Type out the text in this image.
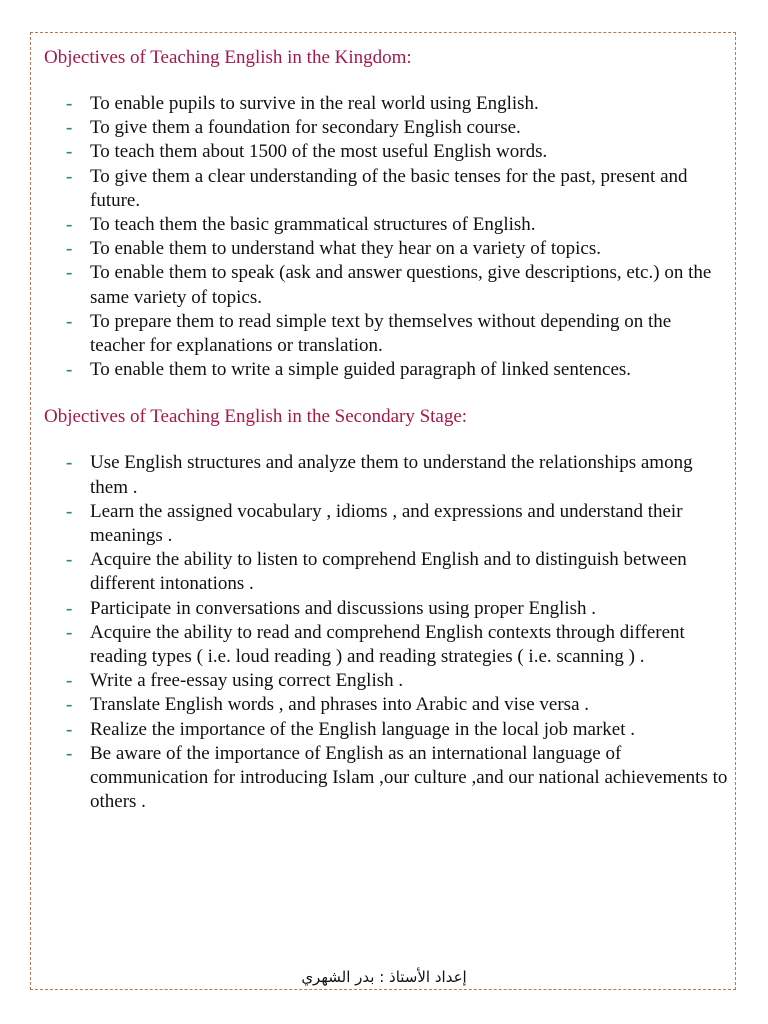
Objectives of Teaching English in the Kingdom:
- To enable pupils to survive in the real world using English.
- To give them a foundation for secondary English course.
- To teach them about 1500 of the most useful English words.
- To give them a clear understanding of the basic tenses for the past, present and future.
- To teach them the basic grammatical structures of English.
- To enable them to understand what they hear on a variety of topics.
- To enable them to speak (ask and answer questions, give descriptions, etc.) on the same variety of topics.
- To prepare them to read simple text by themselves without depending on the teacher for explanations or translation.
- To enable them to write a simple guided paragraph of linked sentences.
Objectives of Teaching English in the Secondary Stage:
- Use English structures and analyze them to understand the relationships among them .
- Learn the assigned vocabulary , idioms , and expressions and understand their meanings .
- Acquire the ability to listen to comprehend English and to distinguish between different intonations .
- Participate in conversations and discussions using proper English .
- Acquire the ability to read and comprehend English contexts through different reading types ( i.e. loud reading ) and reading strategies ( i.e. scanning ) .
- Write a free-essay using correct English .
- Translate English words , and phrases into Arabic and vise versa .
- Realize the importance of the English language in the local job market .
- Be aware of the importance of English as an international language of communication for introducing Islam ,our culture ,and our national achievements to others .
إعداد الأستاذ : بدر الشهري
